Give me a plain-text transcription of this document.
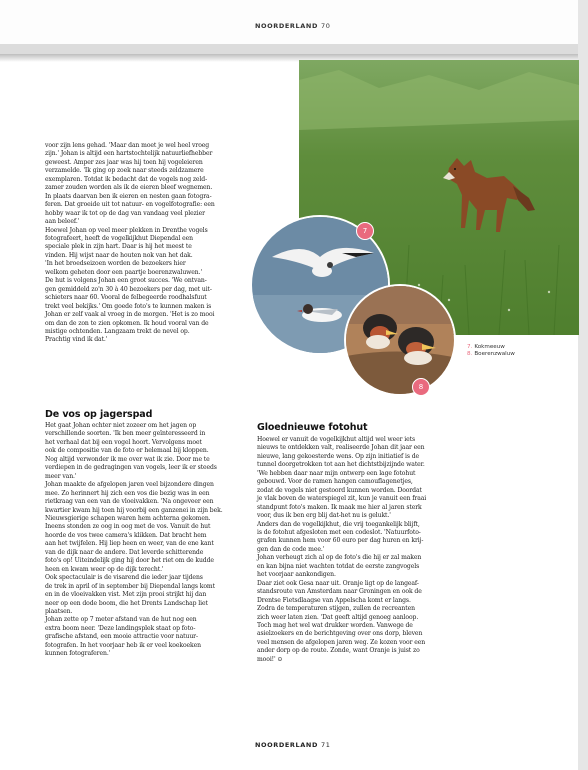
NOORDERLAND 70
7
8
7. Kokmeeuw
8. Boerenzwaluw

voor zijn lens gehad. 'Maar dan moet je wel heel vroeg
zijn.' Johan is altijd een hartstochtelijk natuurliefhebber
geweest. Amper zes jaar was hij toen hij vogeleieren
verzamelde. 'Ik ging op zoek naar steeds zeldzamere
exemplaren. Totdat ik bedacht dat de vogels nog zeld-
zamer zouden worden als ik de eieren bleef wegnemen.
In plaats daarvan ben ik eieren en nesten gaan fotogra-
feren. Dat groeide uit tot natuur- en vogelfotografie: een
hobby waar ik tot op de dag van vandaag veel plezier
aan beleef.'
Hoewel Johan op veel meer plekken in Drenthe vogels
fotografeert, heeft de vogelkijkhut Diependal een
speciale plek in zijn hart. Daar is hij het meest te
vinden. Hij wijst naar de houten nok van het dak.
'In het broedseizoen worden de bezoekers hier
welkom geheten door een paartje boerenzwaluwen.'
De hut is volgens Johan een groot succes. 'We ontvan-
gen gemiddeld zo'n 30 à 40 bezoekers per dag, met uit-
schieters naar 60. Vooral de felbegeerde roodhalsfuut
trekt veel bekijks.' Om goede foto's te kunnen maken is
Johan er zelf vaak al vroeg in de morgen. 'Het is zo mooi
om dan de zon te zien opkomen. Ik houd vooral van de
mistige ochtenden. Langzaam trekt de nevel op.
Prachtig vind ik dat.'

De vos op jagerspad

Het gaat Johan echter niet zozeer om het jagen op
verschillende soorten. 'Ik ben meer geïnteresseerd in
het verhaal dat bij een vogel hoort. Vervolgens moet
ook de compositie van de foto er helemaal bij kloppen.
Nog altijd verwonder ik me over wat ik zie. Door me te
verdiepen in de gedragingen van vogels, leer ik er steeds
meer van.'
Johan maakte de afgelopen jaren veel bijzondere dingen
mee. Zo herinnert hij zich een vos die bezig was in een
rietkraag van een van de vloeivakken. 'Na ongeveer een
kwartier kwam hij toen hij voorbij een ganzenei in zijn bek.
Nieuwsgierige schapen waren hem achterna gekomen.
Ineens stonden ze oog in oog met de vos. Vanuit de hut
hoorde de vos twee camera's klikken. Dat bracht hem
aan het twijfelen. Hij liep heen en weer, van de ene kant
van de dijk naar de andere. Dat leverde schitterende
foto's op! Uiteindelijk ging hij door het riet om de kudde
heen en kwam weer op de dijk terecht.'
Ook spectaculair is de visarend die ieder jaar tijdens
de trek in april of in september bij Diependal langs komt
en in de vloeivakken vist. Met zijn prooi strijkt hij dan
neer op een dode boom, die het Drents Landschap liet
plaatsen.
Johan zette op 7 meter afstand van de hut nog een
extra boom neer. 'Deze landingsplek staat op foto-
grafische afstand, een mooie attractie voor natuur-
fotografen. In het voorjaar heb ik er veel koekoeken
kunnen fotograferen.'

Gloednieuwe fotohut

Hoewel er vanuit de vogelkijkhut altijd wel weer iets
nieuws te ontdekken valt, realiseerde Johan dit jaar een
nieuwe, lang gekoesterde wens. Op zijn initiatief is de
tunnel doorgetrokken tot aan het dichtstbijzijnde water.
'We hebben daar naar mijn ontwerp een lage fotohut
gebouwd. Voor de ramen hangen camouflagenetjes,
zodat de vogels niet gestoord kunnen worden. Doordat
je vlak boven de waterspiegel zit, kun je vanuit een fraai
standpunt foto's maken. Ik maak me hier al jaren sterk
voor, dus ik ben erg blij dat-het nu is gelukt.'
Anders dan de vogelkijkhut, die vrij toegankelijk blijft,
is de fotohut afgesloten met een codeslot. 'Natuurfoto-
grafen kunnen hem voor 60 euro per dag huren en krij-
gen dan de code mee.'
Johan verheugt zich al op de foto's die hij er zal maken
en kan bijna niet wachten totdat de eerste zangvogels
het voorjaar aankondigen.
Daar ziet ook Gesa naar uit. Oranje ligt op de langeaf-
standsroute van Amsterdam naar Groningen en ook de
Drentse Fietsdlaagse van Appelscha komt er langs.
Zodra de temperaturen stijgen, zullen de recreanten
zich weer laten zien. 'Dat geeft altijd genoeg aanloop.
Toch mag het wel wat drukker worden. Vanwege de
asielzoekers en de berichtgeving over ons dorp, bleven
veel mensen de afgelopen jaren weg. Ze kozen voor een
ander dorp op de route. Zonde, want Oranje is juist zo
mooi!' ⊙

NOORDERLAND 71
